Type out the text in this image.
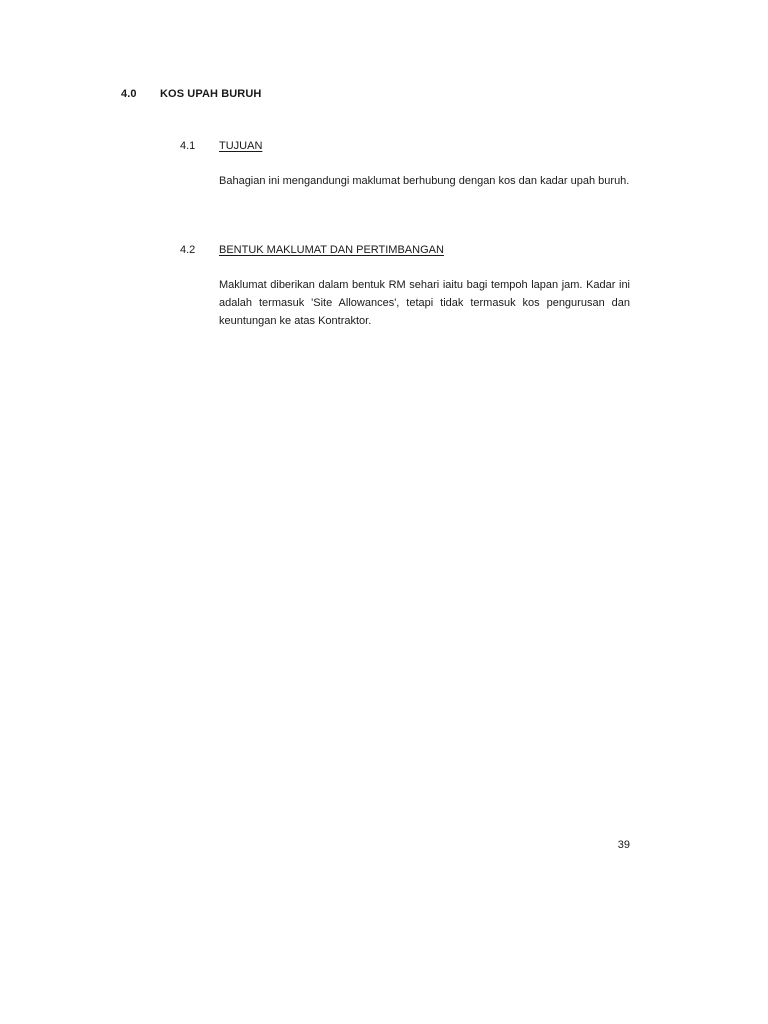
4.0 KOS UPAH BURUH
4.1 TUJUAN
Bahagian ini mengandungi maklumat berhubung dengan kos dan kadar upah buruh.
4.2 BENTUK MAKLUMAT DAN PERTIMBANGAN
Maklumat diberikan dalam bentuk RM sehari iaitu bagi tempoh lapan jam. Kadar ini adalah termasuk 'Site Allowances', tetapi tidak termasuk kos pengurusan dan keuntungan ke atas Kontraktor.
39
